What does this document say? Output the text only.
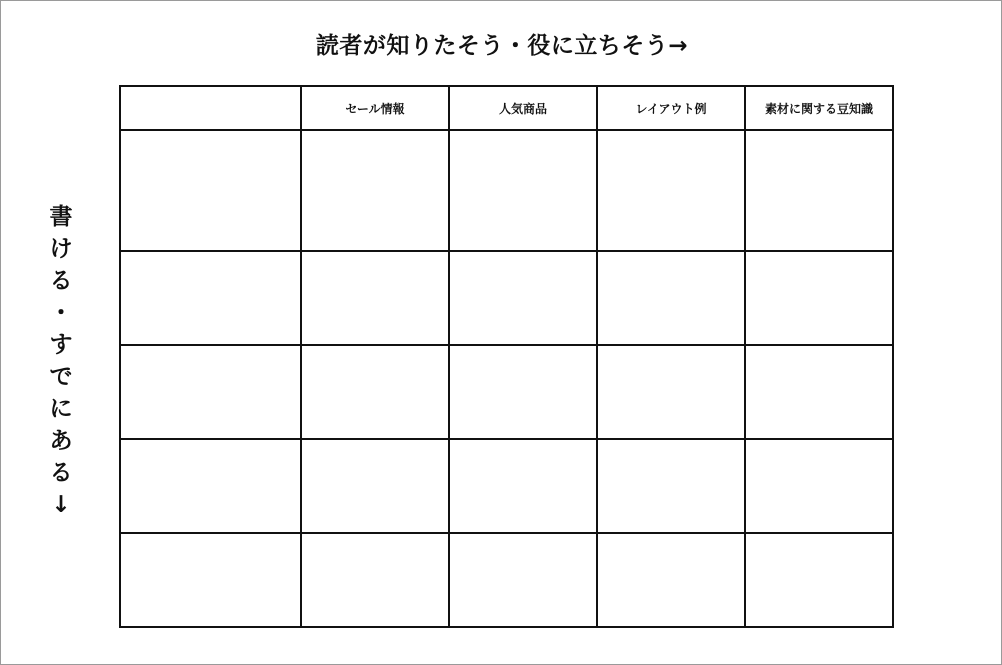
読者が知りたそう・役に立ちそう→
書
け
る
・
す
で
に
あ
る
↓
	セール情報	人気商品	レイアウト例	素材に関する豆知識
